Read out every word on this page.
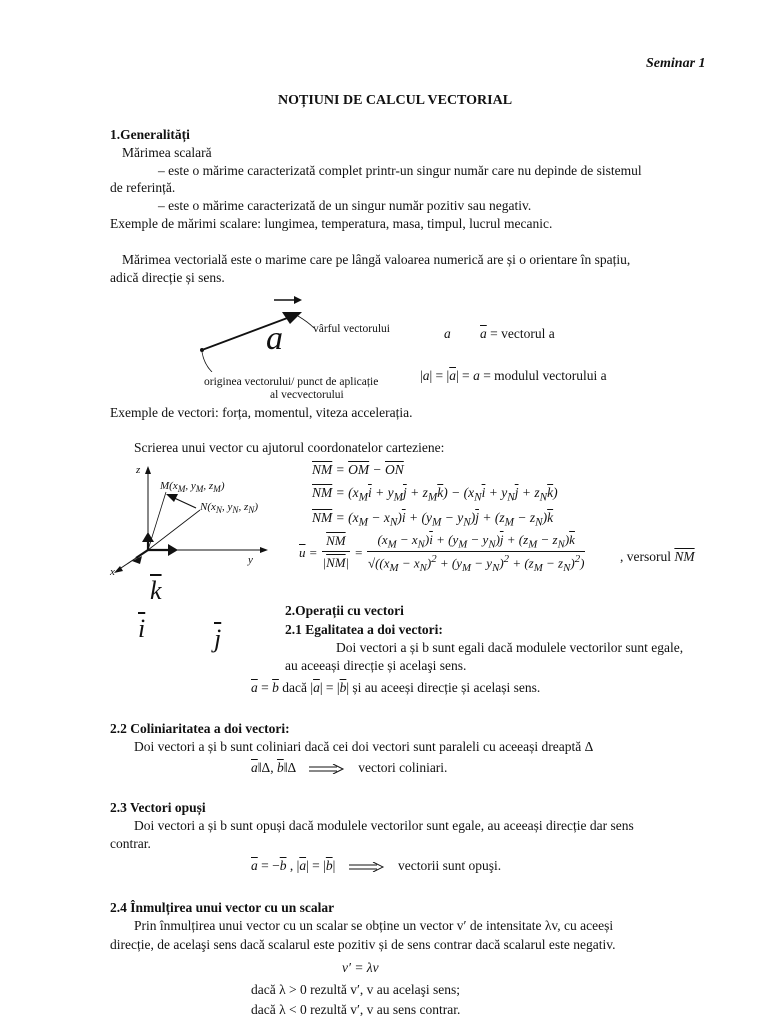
Seminar 1
NOȚIUNI DE CALCUL VECTORIAL
1.Generalități
Mărimea scalară
– este o mărime caracterizată complet printr-un singur număr care nu depinde de sistemul
de referință.
– este o mărime caracterizată de un singur număr pozitiv sau negativ.
Exemple de mărimi scalare: lungimea, temperatura, masa, timpul, lucrul mecanic.
Mărimea vectorială este o marime care pe lângă valoarea numerică are și o orientare în spațiu,
adică direcție și sens.
a	vârful vectorului
originea vectorului/ punct de aplicație
al vecvectorului
a $\overline{a}$ = vectorul a
$|a| = |\overline{a}| = a$ = modulul vectorului a
Exemple de vectori: forța, momentul, viteza accelerația.
Scrierea unui vector cu ajutorul coordonatelor carteziene:
$\overline{NM} = \overline{OM} - \overline{ON}$
$\overline{NM} = (x_M\overline{i} + y_M\overline{j} + z_M\overline{k}) - (x_N\overline{i} + y_N\overline{j} + z_N\overline{k})$
$\overline{NM} = (x_M - x_N)\overline{i} + (y_M - y_N)\overline{j} + (z_M - z_N)\overline{k}$
$\overline{u}$ =	$\overline{NM}$	=	$(x_M - x_N)\overline{i} + (y_M - y_N)\overline{j} + (z_M - z_N)\overline{k}$
	$|\overline{NM}|$		$√((x_M - x_N)^2 + (y_M - y_N)^2 + (z_M - z_N)^2)$	, versorul $\overline{NM}$
z
y
x
$M(x_M$, $y_M$, $z_M$)
$N(x_N$, $y_N$, $z_N$)
$\overline{k}$
$\overline{i}$	$\overline{j}$
2.Operații cu vectori
2.1 Egalitatea a doi vectori:
Doi vectori a și b sunt egali dacă modulele vectorilor sunt egale,
au aceeași direcție și acelaşi sens.
$\overline{a} = \overline{b}$ dacă $|\overline{a}| = |\overline{b}|$ și au aceeși direcție și același sens.
2.2 Coliniaritatea a doi vectori:
Doi vectori a și b sunt coliniari dacă cei doi vectori sunt paraleli cu aceeași dreaptă Δ
$\overline{a}‖\Delta$, $\overline{b}‖\Delta$	vectori coliniari.
2.3 Vectori opuși
Doi vectori a și b sunt opuși dacă modulele vectorilor sunt egale, au aceeași direcție dar sens
contrar.
$\overline{a} = -\overline{b}$ , $|\overline{a}| = |\overline{b}|$	vectorii sunt opuşi.
2.4 Înmulțirea unui vector cu un scalar
Prin înmulțirea unui vector cu un scalar se obține un vector v′ de intensitate λv, cu aceeși
direcție, de acelaşi sens dacă scalarul este pozitiv și de sens contrar dacă scalarul este negativ.
v′ = λv
dacă λ > 0 rezultă v′, v au acelaşi sens;
dacă λ < 0 rezultă v′, v au sens contrar.
